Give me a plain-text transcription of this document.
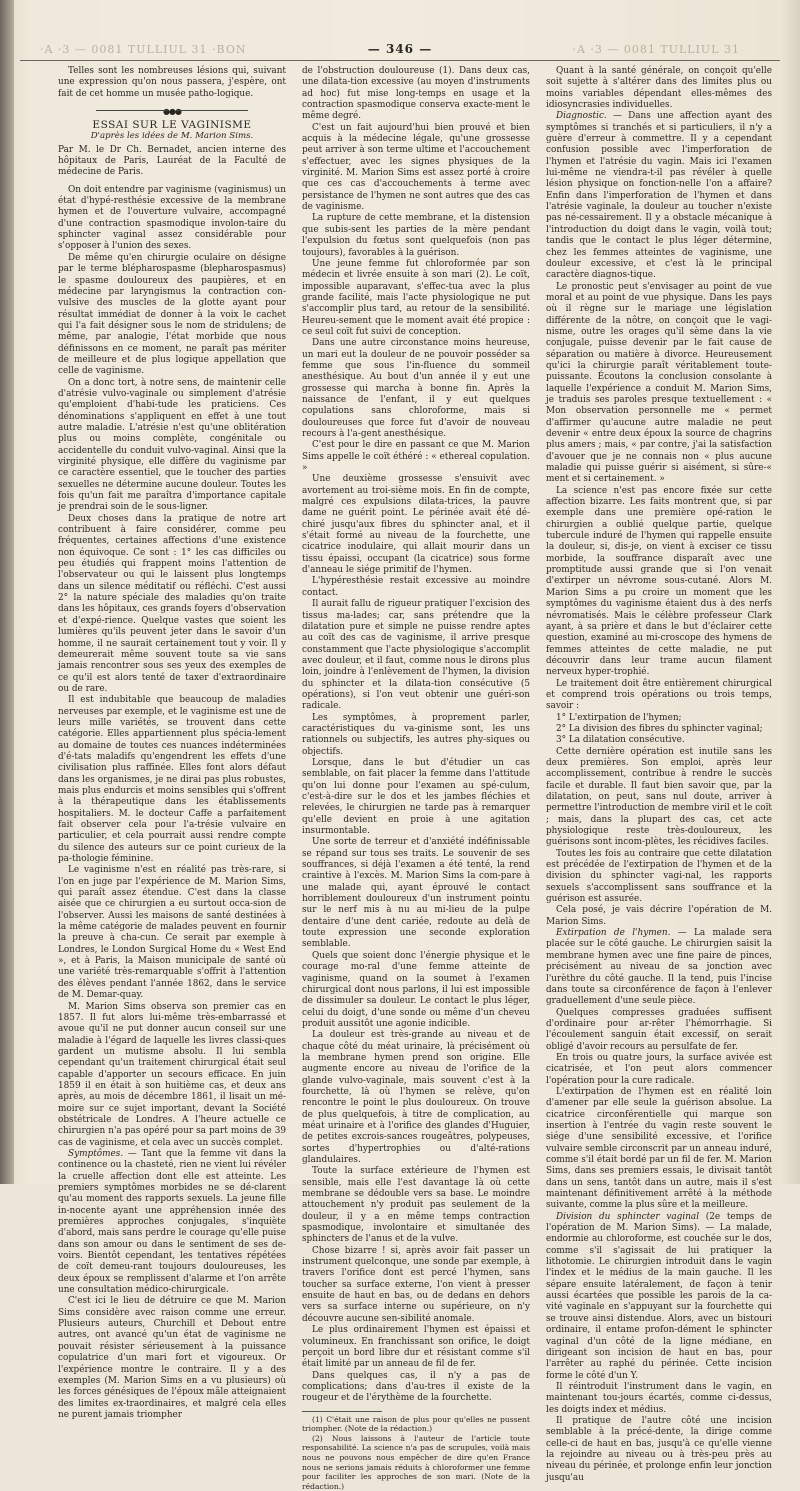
·A ·3 — 0081 TULLIUL 31 ·BON	— 346 —	·A ·3 — 0081 TULLIUL 31

Telles sont les nombreuses lésions qui, suivant une expression qu'on nous passera, j'espère, ont fait de cet homme un musée patho-logique.

●●●

ESSAI SUR LE VAGINISME

D'après les idées de M. Marion Sims.

Par M. le Dr Ch. Bernadet, ancien interne des hôpitaux de Paris, Lauréat de la Faculté de médecine de Paris.

On doit entendre par vaginisme (vaginismus) un état d'hypé-resthésie excessive de la membrane hymen et de l'ouverture vulvaire, accompagné d'une contraction spasmodique involon-taire du sphincter vaginal assez considérable pour s'opposer à l'union des sexes.

De même qu'en chirurgie oculaire on désigne par le terme blépharospasme (blepharospasmus) le spasme douloureux des paupières, et en médecine par laryngismus la contraction con-vulsive des muscles de la glotte ayant pour résultat immédiat de donner à la voix le cachet qui l'a fait désigner sous le nom de stridulens; de même, par analogie, l'état morbide que nous définissons en ce moment, ne paraît pas mériter de meilleure et de plus logique appellation que celle de vaginisme.

On a donc tort, à notre sens, de maintenir celle d'atrésie vulvo-vaginale ou simplement d'atrésie qu'emploient d'habi-tude les praticiens. Ces dénominations s'appliquent en effet à une tout autre maladie. L'atrésie n'est qu'une oblitération plus ou moins complète, congénitale ou accidentelle du conduit vulvo-vaginal. Ainsi que la virginité physique, elle diffère du vaginisme par ce caractère essentiel, que le toucher des parties sexuelles ne détermine aucune douleur. Toutes les fois qu'un fait me paraîtra d'importance capitale je prendrai soin de le sous-ligner.

Deux choses dans la pratique de notre art contribuent à faire considérer, comme peu fréquentes, certaines affections d'une existence non équivoque. Ce sont : 1° les cas difficiles ou peu étudiés qui frappent moins l'attention de l'observateur ou qui le laissent plus longtemps dans un silence méditatif ou réfléchi. C'est aussi 2° la nature spéciale des maladies qu'on traite dans les hôpitaux, ces grands foyers d'observation et d'expé-rience. Quelque vastes que soient les lumières qu'ils peuvent jeter dans le savoir d'un homme, il ne saurait certainement tout y voir. Il y demeurerait même souvent toute sa vie sans jamais rencontrer sous ses yeux des exemples de ce qu'il est alors tenté de taxer d'extraordinaire ou de rare.

Il est indubitable que beaucoup de maladies nerveuses par exemple, et le vaginisme est une de leurs mille variétés, se trouvent dans cette catégorie. Elles appartiennent plus spécia-lement au domaine de toutes ces nuances indéterminées d'é-tats maladifs qu'engendrent les effets d'une civilisation plus raffinée. Elles font alors défaut dans les organismes, je ne dirai pas plus robustes, mais plus endurcis et moins sensibles qui s'offrent à la thérapeutique dans les établissements hospitaliers. M. le docteur Caffe a parfaitement fait observer cela pour l'a-trésie vulvaire en particulier, et cela pourrait aussi rendre compte du silence des auteurs sur ce point curieux de la pa-thologie féminine.

Le vaginisme n'est en réalité pas très-rare, si l'on en juge par l'expérience de M. Marion Sims, qui paraît assez étendue. C'est dans la classe aisée que ce chirurgien a eu surtout occa-sion de l'observer. Aussi les maisons de santé destinées à la même catégorie de malades peuvent en fournir la preuve à cha-cun. Ce serait par exemple à Londres, le London Surgical Home du « West End », et à Paris, la Maison municipale de santé où une variété très-remarquable s'offrit à l'attention des élèves pendant l'année 1862, dans le service de M. Demar-quay.

M. Marion Sims observa son premier cas en 1857. Il fut alors lui-même très-embarrassé et avoue qu'il ne put donner aucun conseil sur une maladie à l'égard de laquelle les livres classi-ques gardent un mutisme absolu. Il lui sembla cependant qu'un traitement chirurgical était seul capable d'apporter un secours efficace. En juin 1859 il en était à son huitième cas, et deux ans après, au mois de décembre 1861, il lisait un mé-moire sur ce sujet important, devant la Société obstétricale de Londres. A l'heure actuelle ce chirurgien n'a pas opéré pour sa part moins de 39 cas de vaginisme, et cela avec un succès complet.

Symptômes. — Tant que la femme vit dans la continence ou la chasteté, rien ne vient lui révéler la cruelle affection dont elle est atteinte. Les premiers symptômes morbides ne se dé-clarent qu'au moment des rapports sexuels. La jeune fille in-nocente ayant une appréhension innée des premières approches conjugales, s'inquiète d'abord, mais sans perdre le courage qu'elle puise dans son amour ou dans le sentiment de ses de-voirs. Bientôt cependant, les tentatives répétées de coït demeu-rant toujours douloureuses, les deux époux se remplissent d'alarme et l'on arrête une consultation médico-chirurgicale.

C'est ici le lieu de détruire ce que M. Marion Sims considère avec raison comme une erreur. Plusieurs auteurs, Churchill et Debout entre autres, ont avancé qu'un état de vaginisme ne pouvait résister sérieusement à la puissance copulatrice d'un mari fort et vigoureux. Or l'expérience montre le contraire. Il y a des exemples (M. Marion Sims en a vu plusieurs) où les forces génésiques de l'époux mâle atteignaient des limites ex-traordinaires, et malgré cela elles ne purent jamais triompher

de l'obstruction douloureuse (1). Dans deux cas, une dilata-tion excessive (au moyen d'instruments ad hoc) fut mise long-temps en usage et la contraction spasmodique conserva exacte-ment le même degré.

C'est un fait aujourd'hui bien prouvé et bien acquis à la médecine légale, qu'une grossesse peut arriver à son terme ultime et l'accouchement s'effectuer, avec les signes physiques de la virginité. M. Marion Sims est assez porté à croire que ces cas d'accouchements à terme avec persistance de l'hymen ne sont autres que des cas de vaginisme.

La rupture de cette membrane, et la distension que subis-sent les parties de la mère pendant l'expulsion du fœtus sont quelquefois (non pas toujours), favorables à la guérison.

Une jeune femme fut chloroformée par son médecin et livrée ensuite à son mari (2). Le coït, impossible auparavant, s'effec-tua avec la plus grande facilité, mais l'acte physiologique ne put s'accomplir plus tard, au retour de la sensibilité. Heureu-sement que le moment avait été propice : ce seul coït fut suivi de conception.

Dans une autre circonstance moins heureuse, un mari eut la douleur de ne pouvoir posséder sa femme que sous l'in-fluence du sommeil anesthésique. Au bout d'un année il y eut une grossesse qui marcha à bonne fin. Après la naissance de l'enfant, il y eut quelques copulations sans chloroforme, mais si douloureuses que force fut d'avoir de nouveau recours à l'a-gent anesthésique.

C'est pour le dire en passant ce que M. Marion Sims appelle le coït éthéré : « ethereal copulation. »

Une deuxième grossesse s'ensuivit avec avortement au troi-sième mois. En fin de compte, malgré ces expulsions dilata-trices, la pauvre dame ne guérit point. Le périnée avait été dé-chiré jusqu'aux fibres du sphincter anal, et il s'était formé au niveau de la fourchette, une cicatrice inodulaire, qui allait mourir dans un tissu épaissi, occupant (la cicatrice) sous forme d'anneau le siége primitif de l'hymen.

L'hypéresthésie restait excessive au moindre contact.

Il aurait fallu de rigueur pratiquer l'excision des tissus ma-lades; car, sans prétendre que la dilatation pure et simple ne puisse rendre aptes au coït des cas de vaginisme, il arrive presque constamment que l'acte physiologique s'accomplit avec douleur, et il faut, comme nous le dirons plus loin, joindre à l'enlèvement de l'hymen, la division du sphincter et la dilata-tion consécutive (5 opérations), si l'on veut obtenir une guéri-son radicale.

Les symptômes, à proprement parler, caractéristiques du va-ginisme sont, les uns rationnels ou subjectifs, les autres phy-siques ou objectifs.

Lorsque, dans le but d'étudier un cas semblable, on fait placer la femme dans l'attitude qu'on lui donne pour l'examen au spé-culum, c'est-à-dire sur le dos et les jambes fléchies et relevées, le chirurgien ne tarde pas à remarquer qu'elle devient en proie à une agitation insurmontable.

Une sorte de terreur et d'anxiété indéfinissable se répand sur tous ses traits. Le souvenir de ses souffrances, si déjà l'examen a été tenté, la rend craintive à l'excès. M. Marion Sims la com-pare à une malade qui, ayant éprouvé le contact horriblement douloureux d'un instrument pointu sur le nerf mis à nu au mi-lieu de la pulpe dentaire d'une dent cariée, redoute au delà de toute expression une seconde exploration semblable.

Quels que soient donc l'énergie physique et le courage mo-ral d'une femme atteinte de vaginisme, quand on la soumet à l'examen chirurgical dont nous parlons, il lui est impossible de dissimuler sa douleur. Le contact le plus léger, celui du doigt, d'une sonde ou même d'un cheveu produit aussitôt une agonie indicible.

La douleur est très-grande au niveau et de chaque côté du méat urinaire, là précisément où la membrane hymen prend son origine. Elle augmente encore au niveau de l'orifice de la glande vulvo-vaginale, mais souvent c'est à la fourchette, là où l'hymen se relève, qu'on rencontre le point le plus douloureux. On trouve de plus quelquefois, à titre de complication, au méat urinaire et à l'orifice des glandes d'Huguier, de petites excrois-sances rougeâtres, polypeuses, sortes d'hypertrophies ou d'alté-rations glandulaires.

Toute la surface extérieure de l'hymen est sensible, mais elle l'est davantage là où cette membrane se dédouble vers sa base. Le moindre attouchement n'y produit pas seulement de la douleur, il y a en même temps contraction spasmodique, involontaire et simultanée des sphincters de l'anus et de la vulve.

Chose bizarre ! si, après avoir fait passer un instrument quelconque, une sonde par exemple, à travers l'orifice dont est percé l'hymen, sans toucher sa surface externe, l'on vient à presser ensuite de haut en bas, ou de dedans en dehors vers sa surface interne ou supérieure, on n'y découvre aucune sen-sibilité anomale.

Le plus ordinairement l'hymen est épaissi et volumineux. En franchissant son orifice, le doigt perçoit un bord libre dur et résistant comme s'il était limité par un anneau de fil de fer.

Dans quelques cas, il n'y a pas de complications; dans d'au-tres il existe de la rougeur et de l'érythème de la fourchette.

(1) C'était une raison de plus pour qu'elles ne pussent triompher. (Note de la rédaction.)

(2) Nous laissons à l'auteur de l'article toute responsabilité. La science n'a pas de scrupules, voilà mais nous ne pouvons nous empêcher de dire qu'en France nous ne serions jamais réduits à chloroformer une femme pour faciliter les approches de son mari. (Note de la rédaction.)

Quant à la santé générale, on conçoit qu'elle soit sujette à s'altérer dans des limites plus ou moins variables dépendant elles-mêmes des idiosyncrasies individuelles.

Diagnostic. — Dans une affection ayant des symptômes si tranchés et si particuliers, il n'y a guère d'erreur à commettre. Il y a cependant confusion possible avec l'imperforation de l'hymen et l'atrésie du vagin. Mais ici l'examen lui-même ne viendra-t-il pas révéler à quelle lésion physique on fonction-nelle l'on a affaire? Enfin dans l'imperforation de l'hymen et dans l'atrésie vaginale, la douleur au toucher n'existe pas né-cessairement. Il y a obstacle mécanique à l'introduction du doigt dans le vagin, voilà tout; tandis que le contact le plus léger détermine, chez les femmes atteintes de vaginisme, une douleur excessive, et c'est là le principal caractère diagnos-tique.

Le pronostic peut s'envisager au point de vue moral et au point de vue physique. Dans les pays où il règne sur le mariage une législation différente de la nôtre, on conçoit que le vagi-nisme, outre les orages qu'il sème dans la vie conjugale, puisse devenir par le fait cause de séparation ou matière à divorce. Heureusement qu'ici la chirurgie paraît véritablement toute-puissante. Écoutons la conclusion consolante à laquelle l'expérience a conduit M. Marion Sims, je traduis ses paroles presque textuellement : « Mon observation personnelle me « permet d'affirmer qu'aucune autre maladie ne peut devenir « entre deux époux la source de chagrins plus amers ; mais, « par contre, j'ai la satisfaction d'avouer que je ne connais non « plus aucune maladie qui puisse guérir si aisément, si sûre-« ment et si certainement. »

La science n'est pas encore fixée sur cette affection bizarre. Les faits montrent que, si par exemple dans une première opé-ration le chirurgien a oublié quelque partie, quelque tubercule induré de l'hymen qui rappelle ensuite la douleur, si, dis-je, on vient à exciser ce tissu morbide, la souffrance disparaît avec une promptitude aussi grande que si l'on venait d'extirper un névrome sous-cutané. Alors M. Marion Sims a pu croire un moment que les symptômes du vaginisme étaient dus à des nerfs névromatisés. Mais le célèbre professeur Clark ayant, à sa prière et dans le but d'éclairer cette question, examiné au mi-croscope des hymens de femmes atteintes de cette maladie, ne put découvrir dans leur trame aucun filament nerveux hyper-trophié.

Le traitement doit être entièrement chirurgical et comprend trois opérations ou trois temps, savoir :

1° L'extirpation de l'hymen;

2° La division des fibres du sphincter vaginal;

3° La dilatation consécutive.

Cette dernière opération est inutile sans les deux premières. Son emploi, après leur accomplissement, contribue à rendre le succès facile et durable. Il faut bien savoir que, par la dilatation, on peut, sans nul doute, arriver à permettre l'introduction de membre viril et le coït ; mais, dans la plupart des cas, cet acte physiologique reste très-douloureux, les guérisons sont incom-plètes, les récidives faciles.

Toutes les fois au contraire que cette dilatation est précédée de l'extirpation de l'hymen et de la division du sphincter vagi-nal, les rapports sexuels s'accomplissent sans souffrance et la guérison est assurée.

Cela posé, je vais décrire l'opération de M. Marion Sims.

Extirpation de l'hymen. — La malade sera placée sur le côté gauche. Le chirurgien saisit la membrane hymen avec une fine paire de pinces, précisément au niveau de sa jonction avec l'urèthre du côté gauche. Il la tend, puis l'incise dans toute sa circonférence de façon à l'enlever graduellement d'une seule pièce.

Quelques compresses graduées suffisent d'ordinaire pour ar-rêter l'hémorrhagie. Si l'écoulement sanguin était excessif, on serait obligé d'avoir recours au persulfate de fer.

En trois ou quatre jours, la surface avivée est cicatrisée, et l'on peut alors commencer l'opération pour la cure radicale.

L'extirpation de l'hymen est en réalité loin d'amener par elle seule la guérison absolue. La cicatrice circonférentielle qui marque son insertion à l'entrée du vagin reste souvent le siége d'une sensibilité excessive, et l'orifice vulvaire semble circonscrit par un anneau induré, comme s'il était bordé par un fil de fer. M. Marion Sims, dans ses premiers essais, le divisait tantôt dans un sens, tantôt dans un autre, mais il s'est maintenant définitivement arrêté à la méthode suivante, comme la plus sûre et la meilleure.

Division du sphincter vaginal (2e temps de l'opération de M. Marion Sims). — La malade, endormie au chloroforme, est couchée sur le dos, comme s'il s'agissait de lui pratiquer la lithotomie. Le chirurgien introduit dans le vagin l'index et le médius de la main gauche. Il les sépare ensuite latéralement, de façon à tenir aussi écartées que possible les parois de la ca-vité vaginale en s'appuyant sur la fourchette qui se trouve ainsi distendue. Alors, avec un bistouri ordinaire, il entame profon-dément le sphincter vaginal d'un côté de la ligne médiane, en dirigeant son incision de haut en bas, pour l'arrêter au raphé du périnée. Cette incision forme le côté d'un Y.

Il réintroduit l'instrument dans le vagin, en maintenant tou-jours écartés, comme ci-dessus, les doigts index et médius.

Il pratique de l'autre côté une incision semblable à la précé-dente, la dirige comme celle-ci de haut en bas, jusqu'à ce qu'elle vienne la rejoindre au niveau ou à très-peu près au niveau du périnée, et prolonge enfin leur jonction jusqu'au
